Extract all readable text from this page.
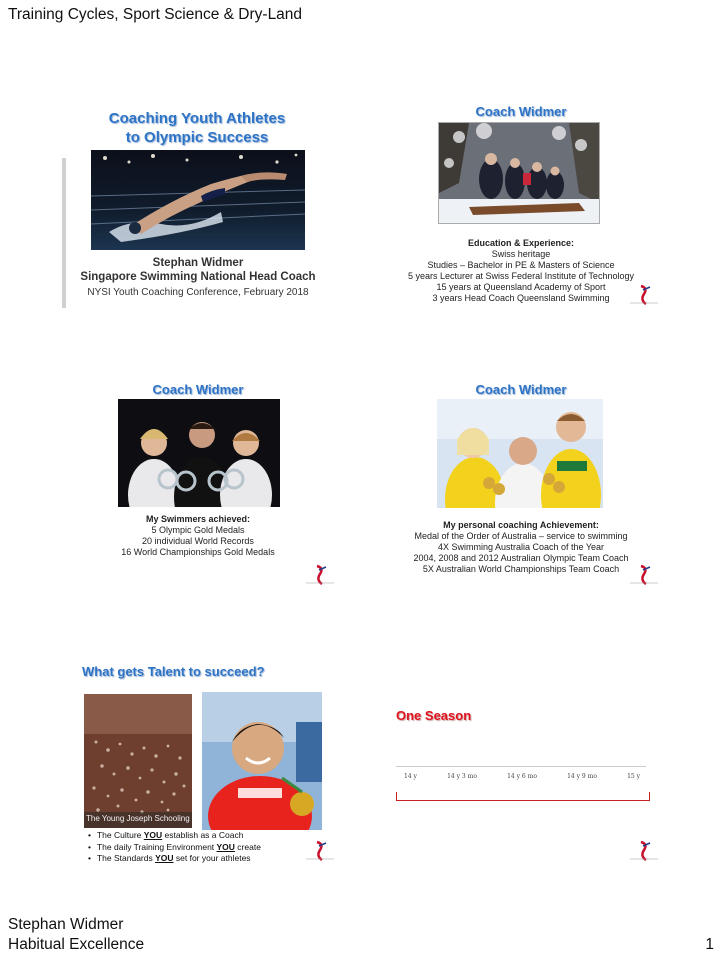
Training Cycles, Sport Science & Dry-Land
Coaching Youth Athletes
to Olympic Success
Stephan Widmer
Singapore Swimming National Head Coach
NYSI Youth Coaching Conference, February 2018
Coach Widmer
Education & Experience:
Swiss heritage
Studies – Bachelor in PE & Masters of Science
5 years Lecturer at Swiss Federal Institute of Technology
15 years at Queensland Academy of Sport
3 years Head Coach Queensland Swimming
Coach Widmer
My Swimmers achieved:
5 Olympic Gold Medals
20 individual World Records
16 World Championships Gold Medals
Coach Widmer
My personal coaching Achievement:
Medal of the Order of Australia – service to swimming
4X Swimming Australia Coach of the Year
2004, 2008 and 2012 Australian Olympic Team Coach
5X Australian World Championships Team Coach
What gets Talent to succeed?
The Young Joseph Schooling
• The Culture YOU establish as a Coach
• The daily Training Environment YOU create
• The Standards YOU set for your athletes
One Season
14 y	14 y 3 mo	14 y 6 mo	14 y 9 mo	15 y
Stephan Widmer
Habitual Excellence	1
